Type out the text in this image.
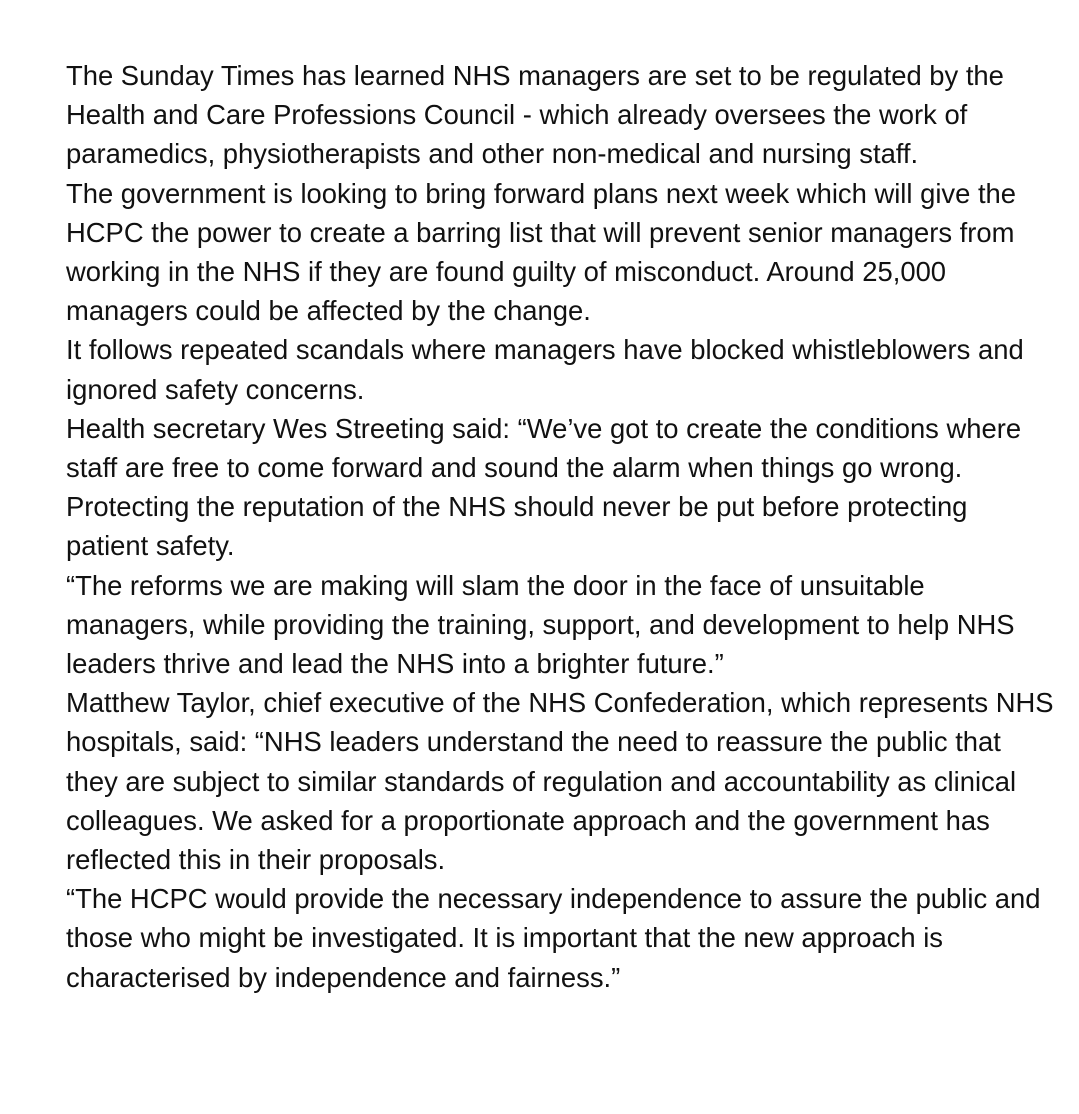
The Sunday Times has learned NHS managers are set to be regulated by the Health and Care Professions Council - which already oversees the work of paramedics, physiotherapists and other non-medical and nursing staff.

The government is looking to bring forward plans next week which will give the HCPC the power to create a barring list that will prevent senior managers from working in the NHS if they are found guilty of misconduct. Around 25,000 managers could be affected by the change.

It follows repeated scandals where managers have blocked whistleblowers and ignored safety concerns.

Health secretary Wes Streeting said: “We’ve got to create the conditions where staff are free to come forward and sound the alarm when things go wrong. Protecting the reputation of the NHS should never be put before protecting patient safety.

“The reforms we are making will slam the door in the face of unsuitable managers, while providing the training, support, and development to help NHS leaders thrive and lead the NHS into a brighter future.”

Matthew Taylor, chief executive of the NHS Confederation, which represents NHS hospitals, said: “NHS leaders understand the need to reassure the public that they are subject to similar standards of regulation and accountability as clinical colleagues. We asked for a proportionate approach and the government has reflected this in their proposals.

“The HCPC would provide the necessary independence to assure the public and those who might be investigated. It is important that the new approach is characterised by independence and fairness.”
